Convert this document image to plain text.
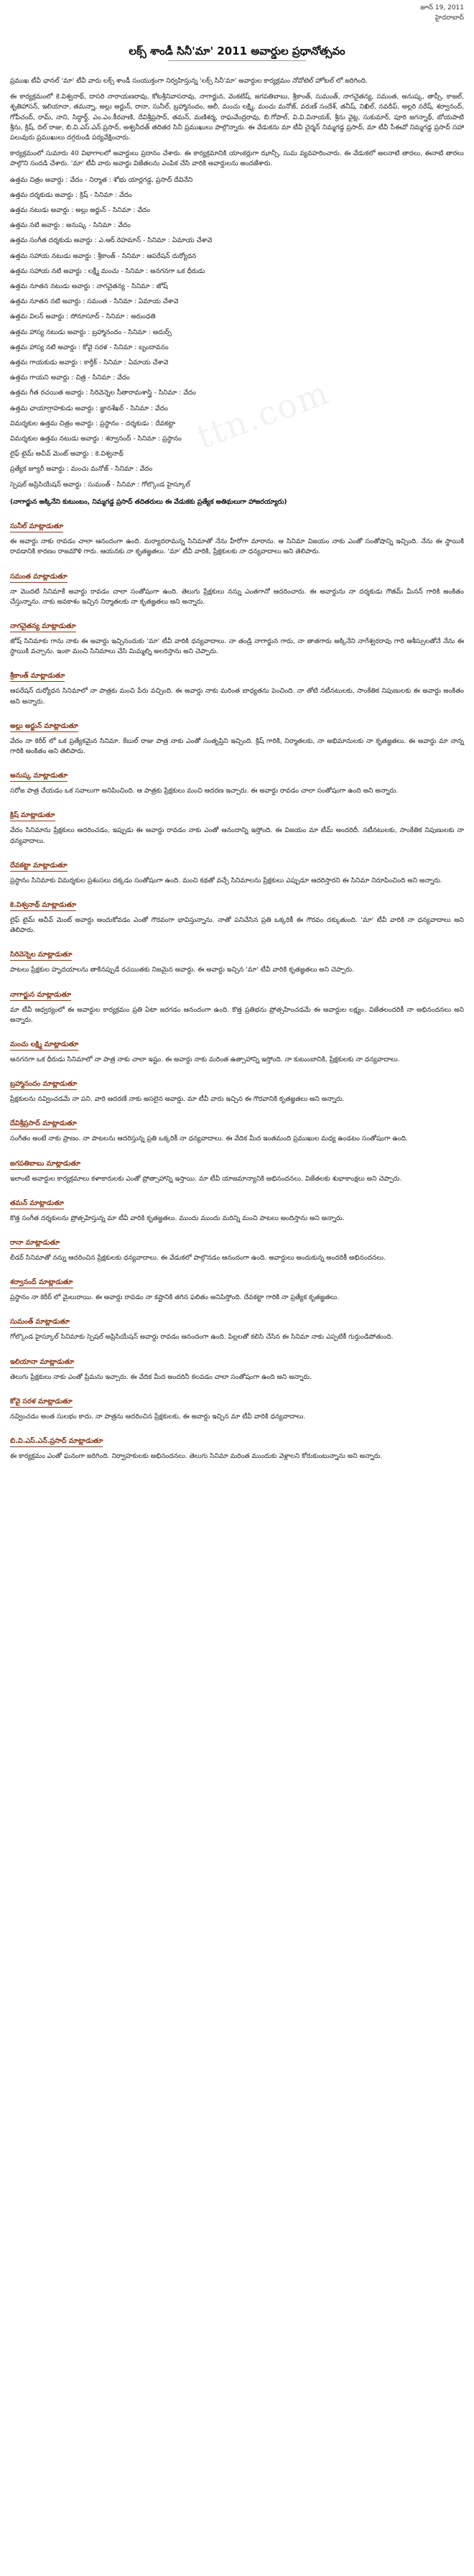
జూన్ 19, 2011
హైదరాబాద్
లక్స్ శాండీ సినీ'మా' 2011 అవార్డుల ప్రధానోత్సవం

ప్రముఖ టీవీ ఛానల్ 'మా' టీవీ వారు లక్స్ శాండీ సంయుక్తంగా నిర్వహిస్తున్న 'లక్స్ సినీ'మా' అవార్డుల కార్యక్రమం నోవోటెల్ హోటల్ లో జరిగింది.

ఈ కార్యక్రమంలో కె.విశ్వనాథ్, దాసరి నారాయణరావు, కోటశ్రీనివాసరావు, నాగార్జున, వెంకటేష్, జగపతిబాబు, శ్రీకాంత్, సుమంత్, నాగచైతన్య, సమంత, అనుష్క, తాప్సీ, కాజల్, శృతిహాసన్, ఇలియానా, తమన్నా, అల్లు అర్జున్, రానా, సునీల్, బ్రహ్మానందం, ఆలీ, మంచు లక్ష్మి, మంచు మనోజ్, వరుణ్ సందేశ్, తనీష్, నిఖిల్, నవదీప్, అల్లరి నరేష్, శర్వానంద్, గోపీచంద్, రామ్, నాని, సిద్ధార్థ్, ఎం.ఎం.కీరవాణి, దేవిశ్రీప్రసాద్, తమన్, మణిశర్మ, రాఘవేంద్రరావు, బి.గోపాల్, వి.వి.వినాయక్, శ్రీను వైట్ల, సుకుమార్, పూరి జగన్నాథ్, బోయపాటి శ్రీను, క్రిష్, దిల్ రాజు, బి.వి.ఎస్.ఎన్.ప్రసాద్, అశ్వనీదత్ తదితర సినీ ప్రముఖులు పాల్గొన్నారు. ఈ వేడుకను మా టీవీ చైర్మన్ నిమ్మగడ్డ ప్రసాద్, మా టీవీ సీఈవో నిమ్మగడ్డ ప్రసాద్ సహా పలువురు ప్రముఖులు దగ్గరుండి పర్యవేక్షించారు.

కార్యక్రమంలో సుమారు 40 విభాగాలలో అవార్డులు ప్రదానం చేశారు. ఈ కార్యక్రమానికి యాంకర్లుగా ఝాన్సీ, సుమ వ్యవహరించారు. ఈ వేడుకలో అలనాటి తారలు, ఈనాటి తారలు పాల్గొని సందడి చేశారు. 'మా' టీవీ వారు అవార్డు విజేతలను ఎంపిక చేసి వారికి అవార్డులను అందజేశారు.

ఉత్తమ చిత్రం అవార్డు : వేదం - నిర్మాత : శోభు యార్లగడ్డ, ప్రసాద్ దేవినేని
ఉత్తమ దర్శకుడు అవార్డు : క్రిష్ - సినిమా : వేదం
ఉత్తమ నటుడు అవార్డు : అల్లు అర్జున్ - సినిమా : వేదం
ఉత్తమ నటి అవార్డు : అనుష్క - సినిమా : వేదం
ఉత్తమ సంగీత దర్శకుడు అవార్డు : ఎ.ఆర్.రెహమాన్ - సినిమా : ఏమాయ చేశావె
ఉత్తమ సహాయ నటుడు అవార్డు : శ్రీకాంత్ - సినిమా : ఆపరేషన్ దుర్యోధన
ఉత్తమ సహాయ నటి అవార్డు : లక్ష్మీ మంచు - సినిమా : అనగనగా ఒక ధీరుడు
ఉత్తమ నూతన నటుడు అవార్డు : నాగచైతన్య - సినిమా : జోష్
ఉత్తమ నూతన నటి అవార్డు : సమంత - సినిమా : ఏమాయ చేశావె
ఉత్తమ విలన్ అవార్డు : సోనూసూద్ - సినిమా : అరుంధతి
ఉత్తమ హాస్య నటుడు అవార్డు : బ్రహ్మానందం - సినిమా : అదుర్స్
ఉత్తమ హాస్య నటి అవార్డు : కోవై సరళ - సినిమా : బృందావనం
ఉత్తమ గాయకుడు అవార్డు : కార్తీక్ - సినిమా : ఏమాయ చేశావె
ఉత్తమ గాయని అవార్డు : చిత్ర - సినిమా : వేదం
ఉత్తమ గీత రచయిత అవార్డు : సిరివెన్నెల సీతారామశాస్త్రి - సినిమా : వేదం
ఉత్తమ ఛాయాగ్రాహకుడు అవార్డు : జ్ఞానశేఖర్ - సినిమా : వేదం
విమర్శకుల ఉత్తమ చిత్రం అవార్డు : ప్రస్థానం - దర్శకుడు : దేవకట్టా
విమర్శకుల ఉత్తమ నటుడు అవార్డు : శర్వానంద్ - సినిమా : ప్రస్థానం
లైఫ్ టైమ్ అచీవ్ మెంట్ అవార్డు : కె.విశ్వనాథ్
ప్రత్యేక జ్యూరీ అవార్డు : మంచు మనోజ్ - సినిమా : వేదం
స్పెషల్ అప్రిసియేషన్ అవార్డు : సుమంత్ - సినిమా : గోల్కొండ హైస్కూల్

(నాగార్జున అక్కినేని కుటుంబం, నిమ్మగడ్డ ప్రసాద్ తదితరులు ఈ వేడుకకు ప్రత్యేక అతిథులుగా హాజరయ్యారు)

సునీల్ మాట్లాడుతూ

ఈ అవార్డు నాకు రావడం చాలా ఆనందంగా ఉంది. మర్యాదరామన్న సినిమాతో నేను హీరోగా మారాను. ఆ సినిమా విజయం నాకు ఎంతో సంతోషాన్ని ఇచ్చింది. నేను ఈ స్థాయికి రావడానికి కారణం రాజమౌళి గారు. ఆయనకు నా కృతజ్ఞతలు. 'మా' టీవీ వారికి, ప్రేక్షకులకు నా ధన్యవాదాలు అని తెలిపారు.

సమంత మాట్లాడుతూ

నా మొదటి సినిమాకే అవార్డు రావడం చాలా సంతోషంగా ఉంది. తెలుగు ప్రేక్షకులు నన్ను ఎంతగానో ఆదరించారు. ఈ అవార్డును నా దర్శకుడు గౌతమ్ మీనన్ గారికి అంకితం చేస్తున్నాను. నాకు అవకాశం ఇచ్చిన నిర్మాతలకు నా కృతజ్ఞతలు అని అన్నారు.

నాగచైతన్య మాట్లాడుతూ

జోష్ సినిమాకు గాను నాకు ఈ అవార్డు ఇచ్చినందుకు 'మా' టీవీ వారికి ధన్యవాదాలు. నా తండ్రి నాగార్జున గారు, నా తాతగారు అక్కినేని నాగేశ్వరరావు గారి ఆశీస్సులతోనే నేను ఈ స్థాయికి వచ్చాను. ఇంకా మంచి సినిమాలు చేసి మిమ్మల్ని అలరిస్తాను అని చెప్పారు.

శ్రీకాంత్ మాట్లాడుతూ

ఆపరేషన్ దుర్యోధన సినిమాలో నా పాత్రకు మంచి పేరు వచ్చింది. ఈ అవార్డు నాకు మరింత బాధ్యతను పెంచింది. నా తోటి నటీనటులకు, సాంకేతిక నిపుణులకు ఈ అవార్డు అంకితం అని అన్నారు.

అల్లు అర్జున్ మాట్లాడుతూ

వేదం నా కెరీర్ లో ఒక ప్రత్యేకమైన సినిమా. కేబుల్ రాజు పాత్ర నాకు ఎంతో సంతృప్తిని ఇచ్చింది. క్రిష్ గారికి, నిర్మాతలకు, నా అభిమానులకు నా కృతజ్ఞతలు. ఈ అవార్డు మా నాన్న గారికి అంకితం అని తెలిపారు.

అనుష్క మాట్లాడుతూ

సరోజ పాత్ర చేయడం ఒక సవాలుగా అనిపించింది. ఆ పాత్రకు ప్రేక్షకులు మంచి ఆదరణ ఇచ్చారు. ఈ అవార్డు రావడం చాలా సంతోషంగా ఉంది అని అన్నారు.

క్రిష్ మాట్లాడుతూ

వేదం సినిమాను ప్రేక్షకులు ఆదరించడం, ఇప్పుడు ఈ అవార్డు రావడం నాకు ఎంతో ఆనందాన్ని ఇస్తోంది. ఈ విజయం మా టీమ్ అందరిదీ. నటీనటులకు, సాంకేతిక నిపుణులకు నా ధన్యవాదాలు.

దేవకట్టా మాట్లాడుతూ

ప్రస్థానం సినిమాకు విమర్శకుల ప్రశంసలు దక్కడం సంతోషంగా ఉంది. మంచి కథతో వచ్చే సినిమాలను ప్రేక్షకులు ఎప్పుడూ ఆదరిస్తారని ఈ సినిమా నిరూపించింది అని అన్నారు.

కె.విశ్వనాథ్ మాట్లాడుతూ

లైఫ్ టైమ్ అచీవ్ మెంట్ అవార్డు అందుకోవడం ఎంతో గౌరవంగా భావిస్తున్నాను. నాతో పనిచేసిన ప్రతి ఒక్కరికీ ఈ గౌరవం దక్కుతుంది. 'మా' టీవీ వారికి నా ధన్యవాదాలు అని తెలిపారు.

సిరివెన్నెల మాట్లాడుతూ

పాటలు ప్రేక్షకుల హృదయాలను తాకినప్పుడే రచయితకు నిజమైన అవార్డు. ఈ అవార్డు ఇచ్చిన 'మా' టీవీ వారికి కృతజ్ఞతలు అని చెప్పారు.

నాగార్జున మాట్లాడుతూ

మా టీవీ ఆధ్వర్యంలో ఈ అవార్డుల కార్యక్రమం ప్రతి ఏటా జరగడం ఆనందంగా ఉంది. కొత్త ప్రతిభను ప్రోత్సహించడమే ఈ అవార్డుల లక్ష్యం. విజేతలందరికీ నా అభినందనలు అని అన్నారు.

మంచు లక్ష్మి మాట్లాడుతూ

అనగనగా ఒక ధీరుడు సినిమాలో నా పాత్ర నాకు చాలా ఇష్టం. ఈ అవార్డు నాకు మరింత ఉత్సాహాన్ని ఇస్తోంది. నా కుటుంబానికి, ప్రేక్షకులకు నా ధన్యవాదాలు.

బ్రహ్మానందం మాట్లాడుతూ

ప్రేక్షకులను నవ్వించడమే నా పని. వారి ఆదరణే నాకు అసలైన అవార్డు. మా టీవీ వారు ఇచ్చిన ఈ గౌరవానికి కృతజ్ఞతలు అని అన్నారు.

దేవిశ్రీప్రసాద్ మాట్లాడుతూ

సంగీతం అంటే నాకు ప్రాణం. నా పాటలను ఆదరిస్తున్న ప్రతి ఒక్కరికీ నా ధన్యవాదాలు. ఈ వేదిక మీద ఇంతమంది ప్రముఖుల మధ్య ఉండటం సంతోషంగా ఉంది.

జగపతిబాబు మాట్లాడుతూ

ఇలాంటి అవార్డుల కార్యక్రమాలు కళాకారులకు ఎంతో ప్రోత్సాహాన్ని ఇస్తాయి. మా టీవీ యాజమాన్యానికి అభినందనలు. విజేతలకు శుభాకాంక్షలు అని చెప్పారు.

తమన్ మాట్లాడుతూ

కొత్త సంగీత దర్శకులను ప్రోత్సహిస్తున్న మా టీవీ వారికి కృతజ్ఞతలు. ముందు ముందు మరిన్ని మంచి పాటలు అందిస్తాను అని అన్నారు.

రానా మాట్లాడుతూ

లీడర్ సినిమాతో నన్ను ఆదరించిన ప్రేక్షకులకు ధన్యవాదాలు. ఈ వేడుకలో పాల్గొనడం ఆనందంగా ఉంది. అవార్డులు అందుకున్న అందరికీ అభినందనలు.

శర్వానంద్ మాట్లాడుతూ

ప్రస్థానం నా కెరీర్ లో మైలురాయి. ఈ అవార్డు రావడం నా కష్టానికి తగిన ఫలితం అనిపిస్తోంది. దేవకట్టా గారికి నా ప్రత్యేక కృతజ్ఞతలు.

సుమంత్ మాట్లాడుతూ

గోల్కొండ హైస్కూల్ సినిమాకు స్పెషల్ అప్రిసియేషన్ అవార్డు రావడం ఆనందంగా ఉంది. పిల్లలతో కలిసి చేసిన ఈ సినిమా నాకు ఎప్పటికీ గుర్తుండిపోతుంది.

ఇలియానా మాట్లాడుతూ

తెలుగు ప్రేక్షకులు నాకు ఎంతో ప్రేమను ఇచ్చారు. ఈ వేదిక మీద అందరినీ కలవడం చాలా సంతోషంగా ఉంది అని అన్నారు.

కోవై సరళ మాట్లాడుతూ

నవ్వించడం అంత సులభం కాదు. నా పాత్రను ఆదరించిన ప్రేక్షకులకు, ఈ అవార్డు ఇచ్చిన మా టీవీ వారికి ధన్యవాదాలు.

బి.వి.ఎస్.ఎన్.ప్రసాద్ మాట్లాడుతూ

ఈ కార్యక్రమం ఎంతో ఘనంగా జరిగింది. నిర్వాహకులకు అభినందనలు. తెలుగు సినిమా మరింత ముందుకు వెళ్లాలని కోరుకుంటున్నాను అని అన్నారు.

ttn.com
